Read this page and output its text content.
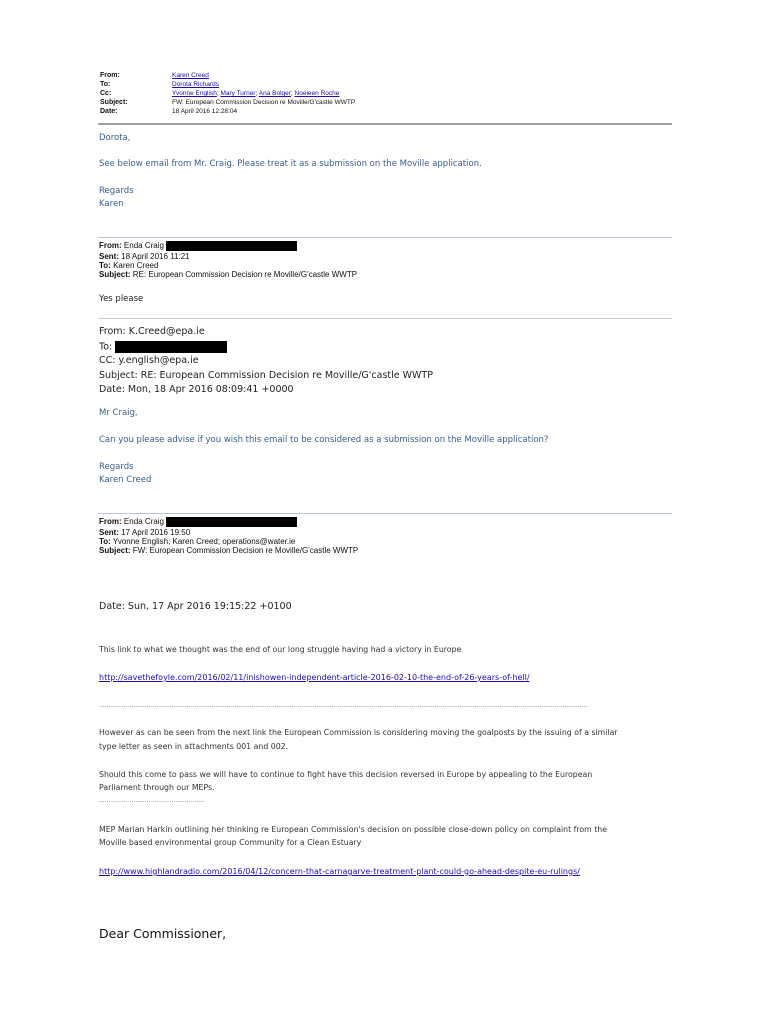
From:	Karen Creed
To:	Dorota Richards
Cc:	Yvonne English; Mary Turner; Ana Bolger; Noeleen Roche
Subject:	FW: European Commission Decision re Moville/G'castle WWTP
Date:	18 April 2016 12:28:04
Dorota,
See below email from Mr. Craig. Please treat it as a submission on the Moville application.
Regards
Karen
From: Enda Craig
Sent: 18 April 2016 11:21
To: Karen Creed
Subject: RE: European Commission Decision re Moville/G'castle WWTP
Yes please
From: K.Creed@epa.ie
To:
CC: y.english@epa.ie
Subject: RE: European Commission Decision re Moville/G'castle WWTP
Date: Mon, 18 Apr 2016 08:09:41 +0000
Mr Craig,
Can you please advise if you wish this email to be considered as a submission on the Moville application?
Regards
Karen Creed
From: Enda Craig
Sent: 17 April 2016 19:50
To: Yvonne English; Karen Creed; operations@water.ie
Subject: FW: European Commission Decision re Moville/G'castle WWTP
Date: Sun, 17 Apr 2016 19:15:22 +0100
This link to what we thought was the end of our long struggle having had a victory in Europe
http://savethefoyle.com/2016/02/11/inishowen-independent-article-2016-02-10-the-end-of-26-years-of-hell/
................................................................................................................................................................................................................................................................
However as can be seen from the next link the European Commission is considering moving the goalposts by the issuing of a similar
type letter as seen in attachments 001 and 002.
Should this come to pass we will have to continue to fight have this decision reversed in Europe by appealing to the European
Parliament through our MEPs.
.......................................................
MEP Marian Harkin outlining her thinking re European Commission's decision on possible close-down policy on complaint from the
Moville based environmental group Community for a Clean Estuary
http://www.highlandradio.com/2016/04/12/concern-that-carnagarve-treatment-plant-could-go-ahead-despite-eu-rulings/
Dear Commissioner,
